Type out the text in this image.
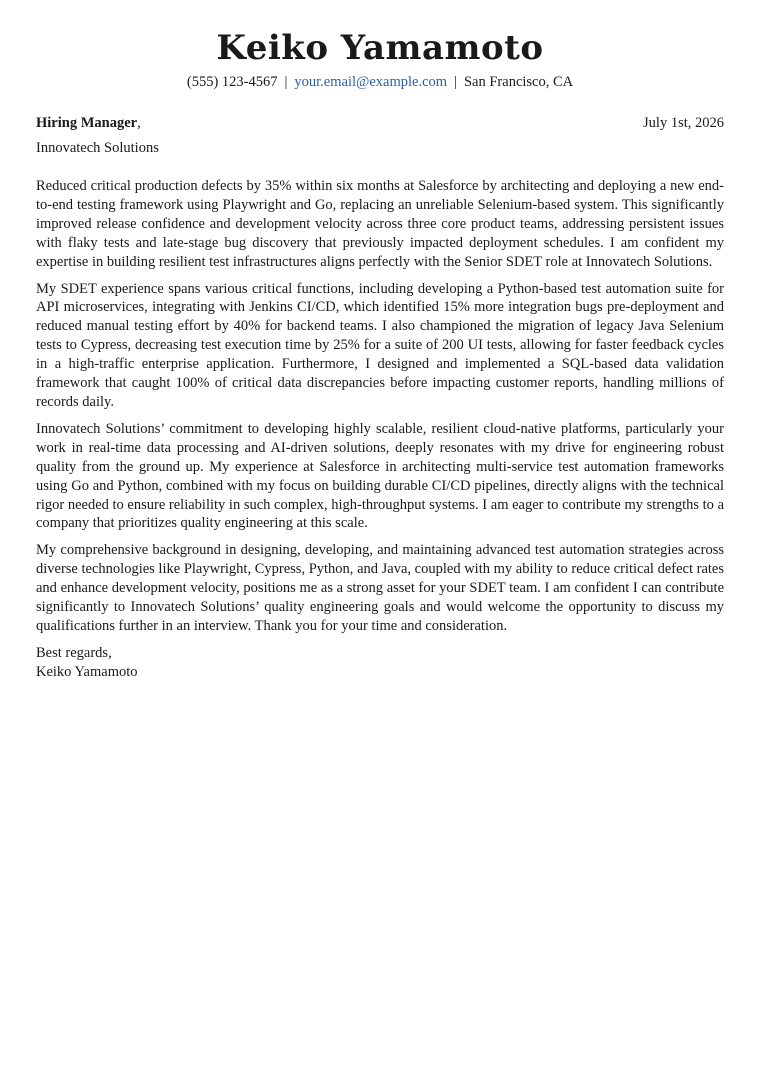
Keiko Yamamoto
(555) 123-4567 | your.email@example.com | San Francisco, CA
Hiring Manager,	July 1st, 2026
Innovatech Solutions

Reduced critical production defects by 35% within six months at Salesforce by architecting and deploying a new end-to-end testing framework using Playwright and Go, replacing an unreliable Selenium-based system. This significantly improved release confidence and development velocity across three core product teams, addressing persistent issues with flaky tests and late-stage bug discovery that previously impacted deployment schedules. I am confident my expertise in building resilient test infrastructures aligns perfectly with the Senior SDET role at Innovatech Solutions.

My SDET experience spans various critical functions, including developing a Python-based test automation suite for API microservices, integrating with Jenkins CI/CD, which identified 15% more integration bugs pre-deployment and reduced manual testing effort by 40% for backend teams. I also championed the migration of legacy Java Selenium tests to Cypress, decreasing test execution time by 25% for a suite of 200 UI tests, allowing for faster feedback cycles in a high-traffic enterprise application. Furthermore, I designed and implemented a SQL-based data validation framework that caught 100% of critical data discrepancies before impacting customer reports, handling millions of records daily.

Innovatech Solutions’ commitment to developing highly scalable, resilient cloud-native platforms, particularly your work in real-time data processing and AI-driven solutions, deeply resonates with my drive for engineering robust quality from the ground up. My experience at Salesforce in architecting multi-service test automation frameworks using Go and Python, combined with my focus on building durable CI/CD pipelines, directly aligns with the technical rigor needed to ensure reliability in such complex, high-throughput systems. I am eager to contribute my strengths to a company that prioritizes quality engineering at this scale.

My comprehensive background in designing, developing, and maintaining advanced test automation strategies across diverse technologies like Playwright, Cypress, Python, and Java, coupled with my ability to reduce critical defect rates and enhance development velocity, positions me as a strong asset for your SDET team. I am confident I can contribute significantly to Innovatech Solutions’ quality engineering goals and would welcome the opportunity to discuss my qualifications further in an interview. Thank you for your time and consideration.

Best regards,
Keiko Yamamoto
